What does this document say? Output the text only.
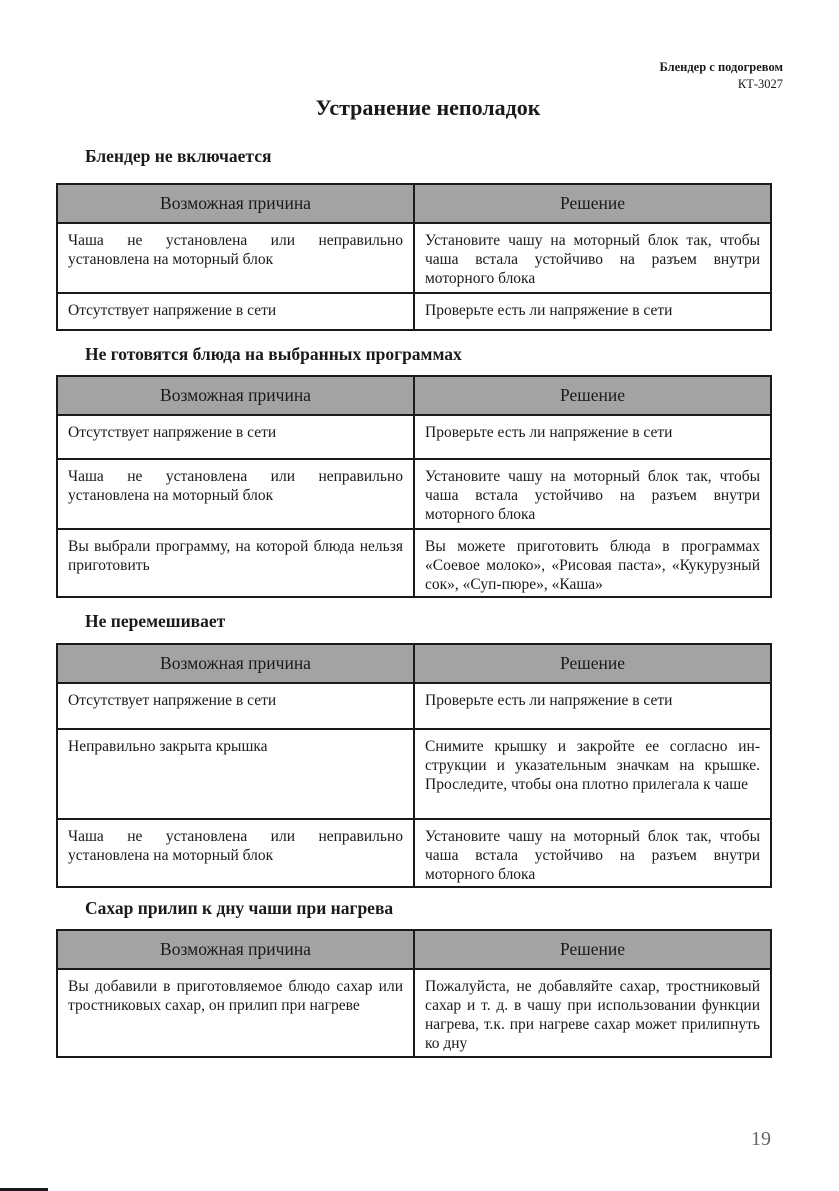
Блендер с подогревом
КТ-3027
Устранение неполадок
Блендер не включается
Возможная причина	Решение
Чаша не установлена или неправильно установлена на моторный блок	Установите чашу на моторный блок так, чтобы чаша встала устойчиво на разъем внутри моторного блока
Отсутствует напряжение в сети	Проверьте есть ли напряжение в сети
Не готовятся блюда на выбранных программах
Возможная причина	Решение
Отсутствует напряжение в сети	Проверьте есть ли напряжение в сети
Чаша не установлена или неправильно установлена на моторный блок	Установите чашу на моторный блок так, чтобы чаша встала устойчиво на разъем внутри моторного блока
Вы выбрали программу, на которой блюда нельзя приготовить	Вы можете приготовить блюда в программах «Соевое молоко», «Рисовая паста», «Кукурузный сок», «Суп-пюре», «Каша»
Не перемешивает
Возможная причина	Решение
Отсутствует напряжение в сети	Проверьте есть ли напряжение в сети
Неправильно закрыта крышка	Снимите крышку и закройте ее согласно инструкции и указательным значкам на крышке. Проследите, чтобы она плотно прилегала к чаше
Чаша не установлена или неправильно установлена на моторный блок	Установите чашу на моторный блок так, чтобы чаша встала устойчиво на разъем внутри моторного блока
Сахар прилип к дну чаши при нагрева
Возможная причина	Решение
Вы добавили в приготовляемое блюдо сахар или тростниковых сахар, он прилип при нагреве	Пожалуйста, не добавляйте сахар, тростниковый сахар и т. д. в чашу при использовании функции нагрева, т.к. при нагреве сахар может прилипнуть ко дну
19
